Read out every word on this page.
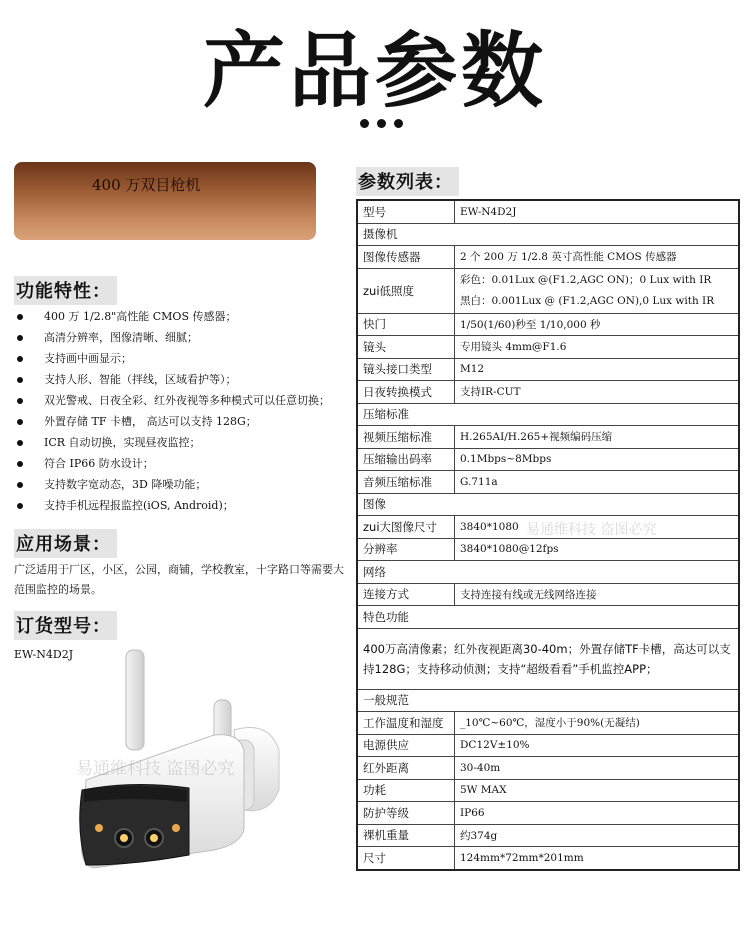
产品参数
400 万双目枪机
功能特性：
400 万 1/2.8"高性能 CMOS 传感器；
高清分辨率，图像清晰、细腻；
支持画中画显示；
支持人形、智能（拌线，区域看护等）；
双光警戒、日夜全彩、红外夜视等多种模式可以任意切换；
外置存储 TF 卡槽， 高达可以支持 128G；
ICR 自动切换，实现昼夜监控；
符合 IP66 防水设计；
支持数字宽动态，3D 降噪功能；
支持手机远程报监控(iOS, Android)；
应用场景：
广泛适用于厂区，小区，公园，商铺，学校教室，十字路口等需要大范围监控的场景。
订货型号：
EW-N4D2J
易通维科技 盗图必究
易通维科技 盗图必究
参数列表：
型号	EW-N4D2J
摄像机	
图像传感器	2 个 200 万 1/2.8 英寸高性能 CMOS 传感器
zui低照度	彩色：0.01Lux @(F1.2,AGC ON)；0 Lux with IR
黑白：0.001Lux @ (F1.2,AGC ON),0 Lux with IR

快门	1/50(1/60)秒至 1/10,000 秒
镜头	专用镜头 4mm@F1.6
镜头接口类型	M12
日夜转换模式	支持IR-CUT
压缩标准	
视频压缩标准	H.265AI/H.265+视频编码压缩
压缩输出码率	0.1Mbps~8Mbps
音频压缩标准	G.711a
图像	
zui大图像尺寸	3840*1080
分辨率	3840*1080@12fps
网络	
连接方式	支持连接有线或无线网络连接
特色功能	
400万高清像素；红外夜视距离30-40m；外置存储TF卡槽，高达可以支持128G；支持移动侦测；支持“超级看看”手机监控APP；	
一般规范	
工作温度和湿度	_10℃~60℃，湿度小于90%(无凝结)
电源供应	DC12V±10%
红外距离	30-40m
功耗	5W MAX
防护等级	IP66
裸机重量	约374g
尺寸	124mm*72mm*201mm
